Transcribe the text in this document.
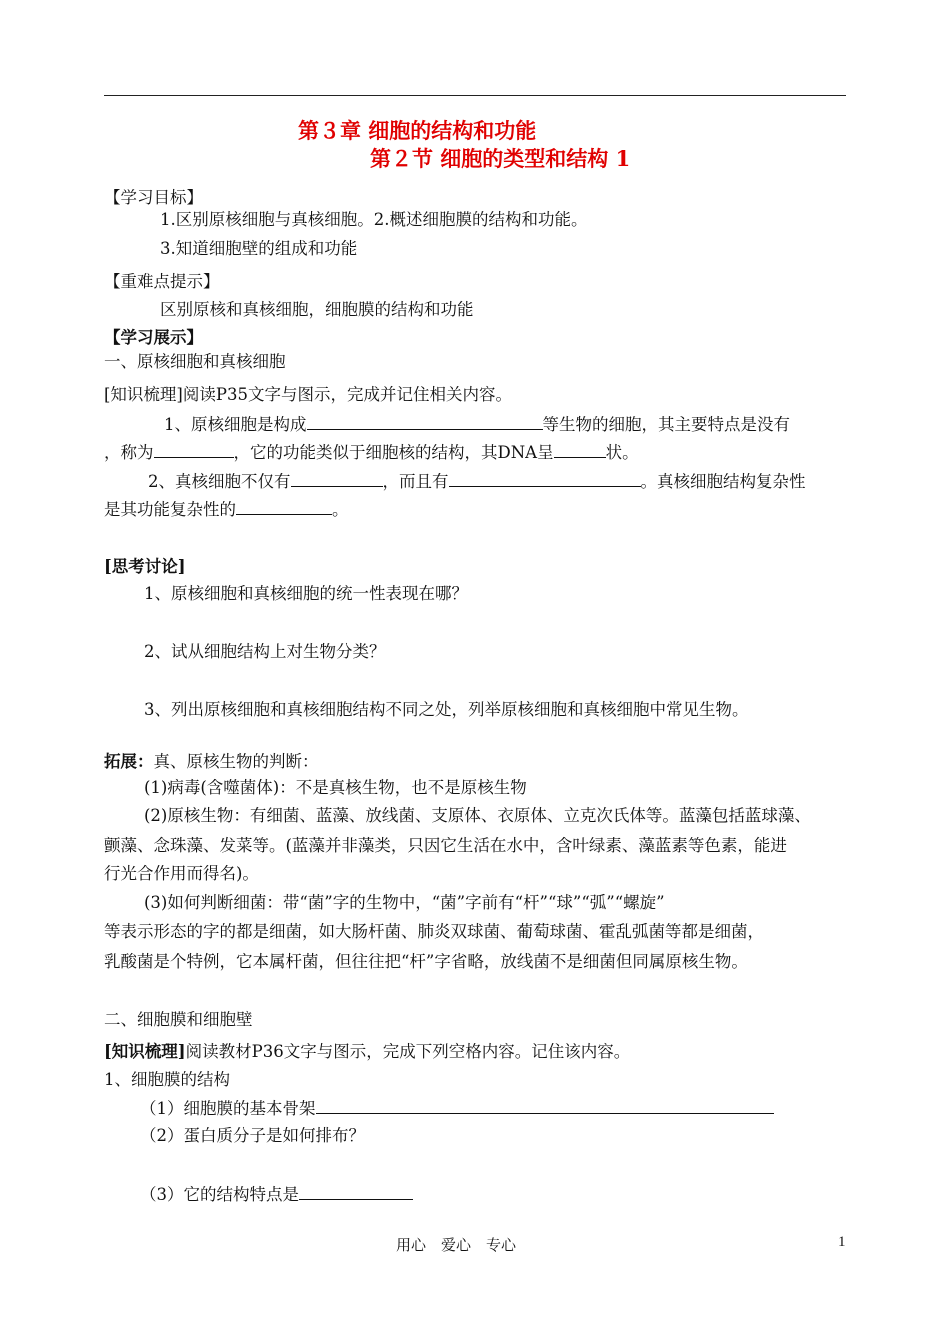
第３章 细胞的结构和功能
第２节 细胞的类型和结构 1
【学习目标】
1.区别原核细胞与真核细胞。2.概述细胞膜的结构和功能。
3.知道细胞壁的组成和功能
【重难点提示】
区别原核和真核细胞，细胞膜的结构和功能
【学习展示】
一、原核细胞和真核细胞
[知识梳理]阅读P35文字与图示，完成并记住相关内容。
1、原核细胞是构成	等生物的细胞，其主要特点是没有
，称为	，它的功能类似于细胞核的结构，其DNA呈	状。
2、真核细胞不仅有	，而且有	。真核细胞结构复杂性
是其功能复杂性的	。
[思考讨论]
1、原核细胞和真核细胞的统一性表现在哪？
2、试从细胞结构上对生物分类？
3、列出原核细胞和真核细胞结构不同之处，列举原核细胞和真核细胞中常见生物。
拓展：真、原核生物的判断：
(1)病毒(含噬菌体)：不是真核生物，也不是原核生物
(2)原核生物：有细菌、蓝藻、放线菌、支原体、衣原体、立克次氏体等。蓝藻包括蓝球藻、
颤藻、念珠藻、发菜等。(蓝藻并非藻类，只因它生活在水中，含叶绿素、藻蓝素等色素，能进
行光合作用而得名)。
(3)如何判断细菌：带“菌”字的生物中，“菌”字前有“杆”“球”“弧”“螺旋”
等表示形态的字的都是细菌，如大肠杆菌、肺炎双球菌、葡萄球菌、霍乱弧菌等都是细菌，
乳酸菌是个特例，它本属杆菌，但往往把“杆”字省略，放线菌不是细菌但同属原核生物。
二、细胞膜和细胞壁
[知识梳理]阅读教材P36文字与图示，完成下列空格内容。记住该内容。
1、细胞膜的结构
（1）细胞膜的基本骨架
（2）蛋白质分子是如何排布？
（3）它的结构特点是
用心　爱心　专心	1
